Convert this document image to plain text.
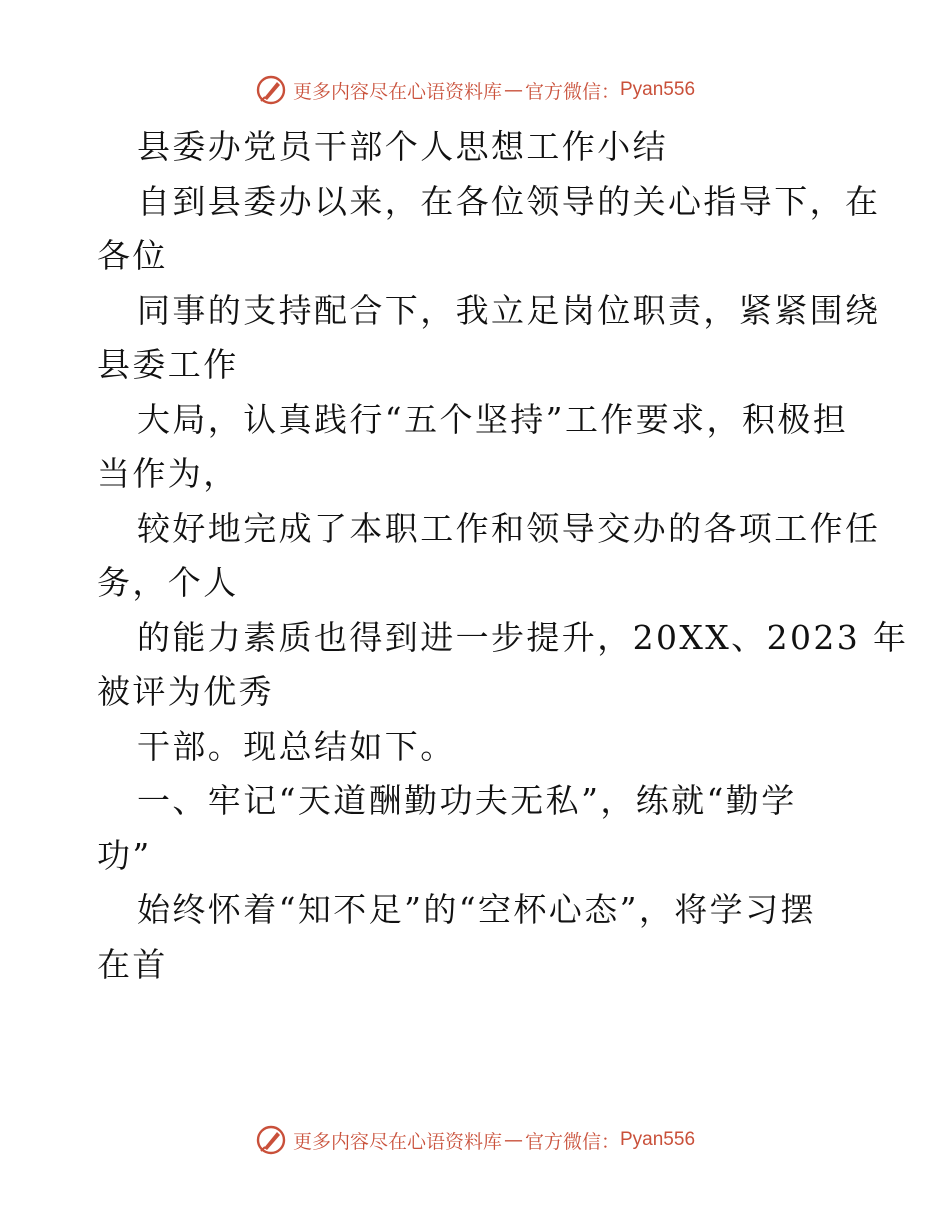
更多内容尽在心语资料库 — 官方微信： Pyan556
县委办党员干部个人思想工作小结
自到县委办以来，在各位领导的关心指导下，在
各位
同事的支持配合下，我立足岗位职责，紧紧围绕
县委工作
大局，认真践行“五个坚持”工作要求，积极担
当作为，
较好地完成了本职工作和领导交办的各项工作任
务，个人
的能力素质也得到进一步提升，20XX、2023 年
被评为优秀
干部。现总结如下。
一、牢记“天道酬勤功夫无私”，练就“勤学
功”
始终怀着“知不足”的“空杯心态”，将学习摆
在首
更多内容尽在心语资料库 — 官方微信： Pyan556
